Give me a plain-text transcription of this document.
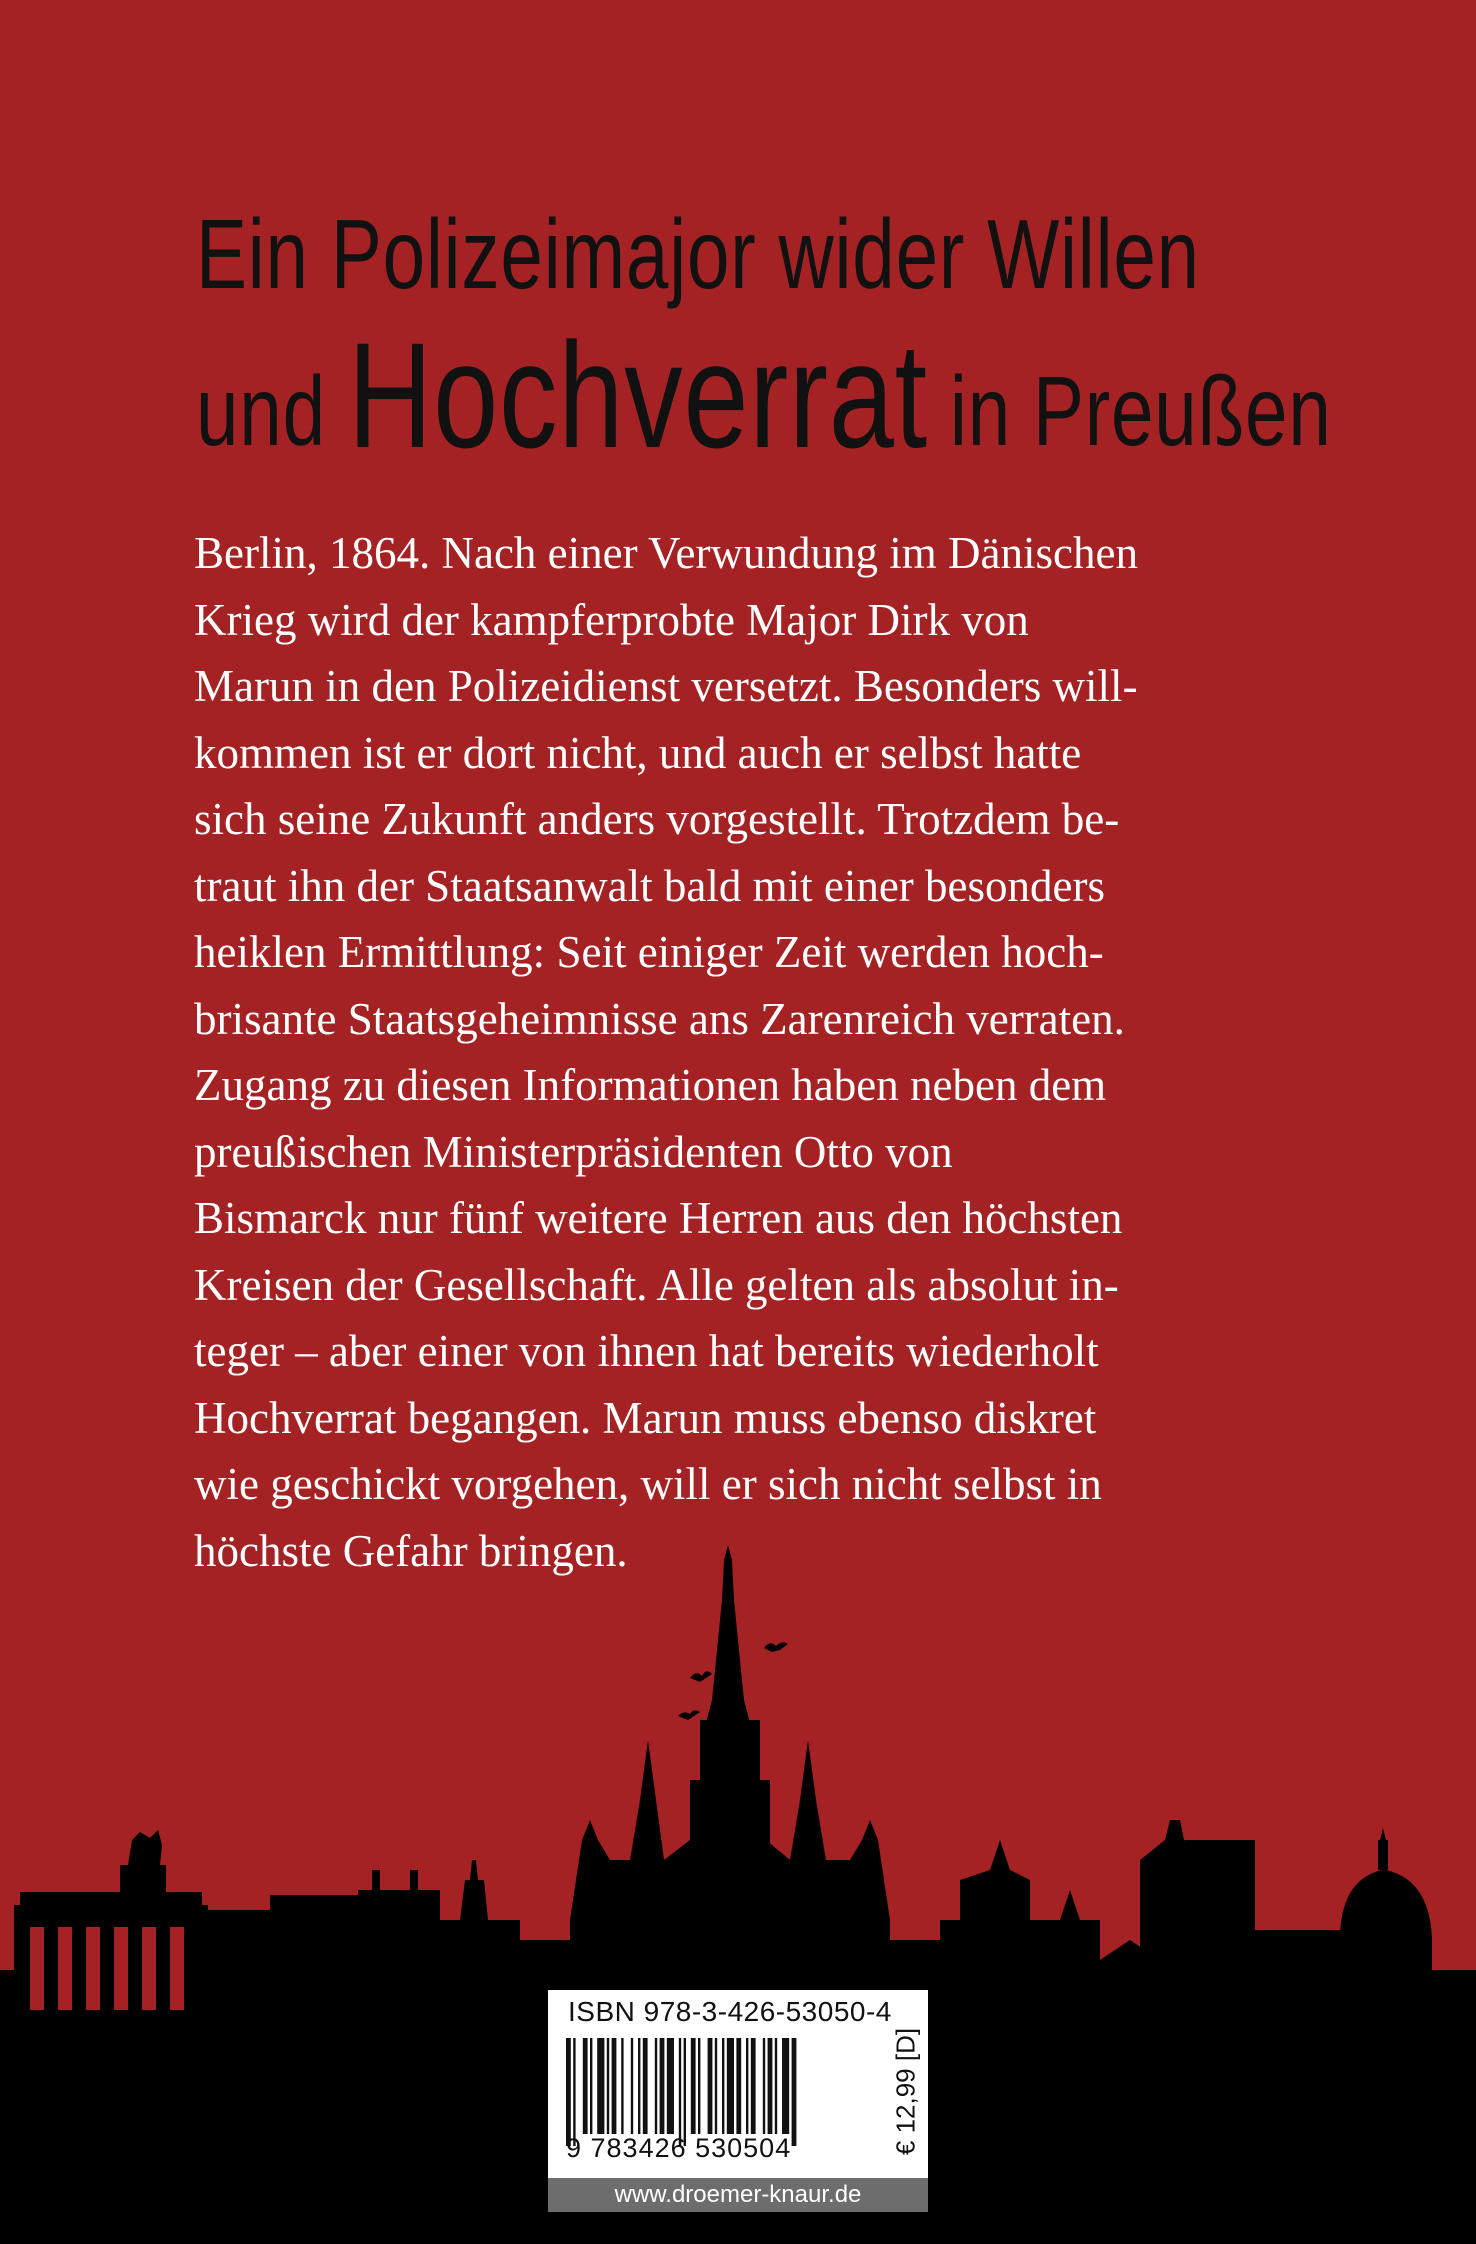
Ein Polizeimajor wider Willen
und Hochverrat in Preußen
Berlin, 1864. Nach einer Verwundung im Dänischen
Krieg wird der kampferprobte Major Dirk von
Marun in den Polizeidienst versetzt. Besonders will-
kommen ist er dort nicht, und auch er selbst hatte
sich seine Zukunft anders vorgestellt. Trotzdem be-
traut ihn der Staatsanwalt bald mit einer besonders
heiklen Ermittlung: Seit einiger Zeit werden hoch-
brisante Staatsgeheimnisse ans Zarenreich verraten.
Zugang zu diesen Informationen haben neben dem
preußischen Ministerpräsidenten Otto von
Bismarck nur fünf weitere Herren aus den höchsten
Kreisen der Gesellschaft. Alle gelten als absolut in-
teger – aber einer von ihnen hat bereits wiederholt
Hochverrat begangen. Marun muss ebenso diskret
wie geschickt vorgehen, will er sich nicht selbst in
höchste Gefahr bringen.
ISBN 978-3-426-53050-4
9 783426 530504	€ 12,99 [D]
www.droemer-knaur.de
